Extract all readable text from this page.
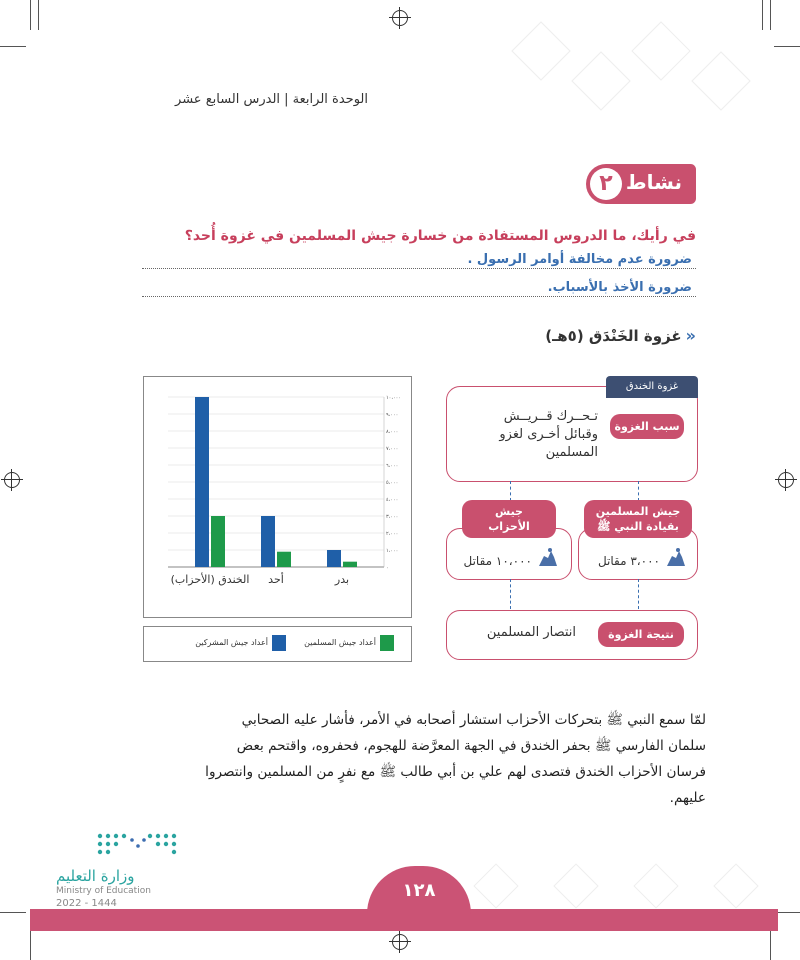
الوحدة الرابعة | الدرس السابع عشر
٢ نشاط
في رأيك، ما الدروس المستفادة من خسارة جيش المسلمين في غزوة أُحد؟
ضرورة عدم مخالفة أوامر الرسول .
ضرورة الأخذ بالأسباب.
«غزوة الخَنْدَق (٥هـ)
١٠،٠٠٠
٩،٠٠٠
٨،٠٠٠
٧،٠٠٠
٦،٠٠٠
٥،٠٠٠
٤،٠٠٠
٣،٠٠٠
٢،٠٠٠
١،٠٠٠
٠
الخندق (الأحزاب) أحد	بدر
أعداد جيش المسلمين
أعداد جيش المشركين
غزوة الخندق
سبب الغزوة
تـحــرك قــريــش
وقبائل أخـرى لغزو
المسلمين
جيش
الأحزاب
١٠،٠٠٠ مقاتل
جيش المسلمين
بقيادة النبي ﷺ
٣،٠٠٠ مقاتل
نتيجة الغزوة
انتصار المسلمين

لمّا سمع النبي ﷺ بتحركات الأحزاب استشار أصحابه في الأمر، فأشار عليه الصحابي

سلمان الفارسي ﷺ بحفر الخندق في الجهة المعرَّضة للهجوم، فحفروه، واقتحم بعض

فرسان الأحزاب الخندق فتصدى لهم علي بن أبي طالب ﷺ مع نفرٍ من المسلمين وانتصروا

عليهم.

وزارة التعليم
Ministry of Education
2022 - 1444
١٢٨
